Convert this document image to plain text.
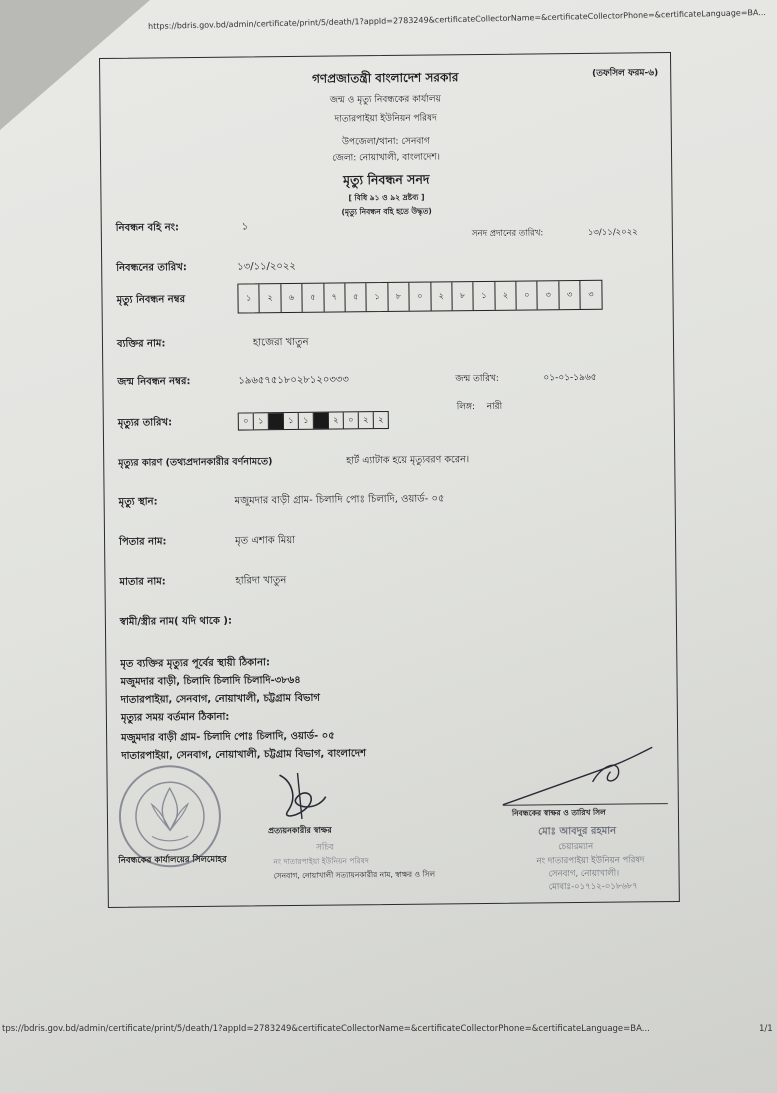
https://bdris.gov.bd/admin/certificate/print/5/death/1?appId=2783249&certificateCollectorName=&certificateCollectorPhone=&certificateLanguage=BA...
(তফসিল ফরম-৬)
গণপ্রজাতন্ত্রী বাংলাদেশ সরকার
জন্ম ও মৃত্যু নিবন্ধকের কার্যালয়
দাতারপাইয়া ইউনিয়ন পরিষদ
উপজেলা/থানা: সেনবাগ
জেলা: নোয়াখালী, বাংলাদেশ।
মৃত্যু নিবন্ধন সনদ
[ বিধি ৯১ ও ৯২ দ্রষ্টব্য ]
(মৃত্যু নিবন্ধন বহি হতে উদ্ধৃত)
নিবন্ধন বহি নং:	১
সনদ প্রদানের তারিখ:	১৩/১১/২০২২
নিবন্ধনের তারিখ:	১৩/১১/২০২২
মৃত্যু নিবন্ধন নম্বর	১	২	৬	৫	৭	৫	১	৮	০	২	৮	১	২	০	৩	৩	৩
ব্যক্তির নাম:	হাজেরা খাতুন
জন্ম নিবন্ধন নম্বর:	১৯৬৫৭৫১৮০২৮১২০৩৩৩	জন্ম তারিখ:	০১-০১-১৯৬৫
লিঙ্গ: নারী
মৃত্যুর তারিখ:	০	১	১	১	২	০	২	২
মৃত্যুর কারণ (তথ্যপ্রদানকারীর বর্ণনামতে)	হার্ট এ্যাটাক হয়ে মৃত্যুবরণ করেন।
মৃত্যু স্থান:	মজুমদার বাড়ী গ্রাম- চিলাদি পোঃ চিলাদি, ওয়ার্ড- ০৫
পিতার নাম:	মৃত এশাক মিয়া
মাতার নাম:	হারিদা খাতুন
স্বামী/স্ত্রীর নাম( যদি থাকে ):
মৃত ব্যক্তির মৃত্যুর পূর্বের স্থায়ী ঠিকানা:
মজুমদার বাড়ী, চিলাদি চিলাদি চিলাদি-৩৮৬৪
দাতারপাইয়া, সেনবাগ, নোয়াখালী, চট্টগ্রাম বিভাগ
মৃত্যুর সময় বর্তমান ঠিকানা:
মজুমদার বাড়ী গ্রাম- চিলাদি পোঃ চিলাদি, ওয়ার্ড- ০৫
দাতারপাইয়া, সেনবাগ, নোয়াখালী, চট্টগ্রাম বিভাগ, বাংলাদেশ
নিবন্ধকের কার্যালয়ের সিলমোহর
প্রত্যয়নকারীর স্বাক্ষর
সচিব
নং দাতারপাইয়া ইউনিয়ন পরিষদ
সেনবাগ, নোয়াখালী সত্যায়নকারীর নাম, স্বাক্ষর ও সিল
নিবন্ধকের স্বাক্ষর ও তারিখ সিল
মোঃ আবদুর রহমান
চেয়ারম্যান
নং দাতারপাইয়া ইউনিয়ন পরিষদ
সেনবাগ, নোয়াখালী।
মোবাঃ-০১৭১২-০১৮৬৮৭
tps://bdris.gov.bd/admin/certificate/print/5/death/1?appId=2783249&certificateCollectorName=&certificateCollectorPhone=&certificateLanguage=BA...	1/1
